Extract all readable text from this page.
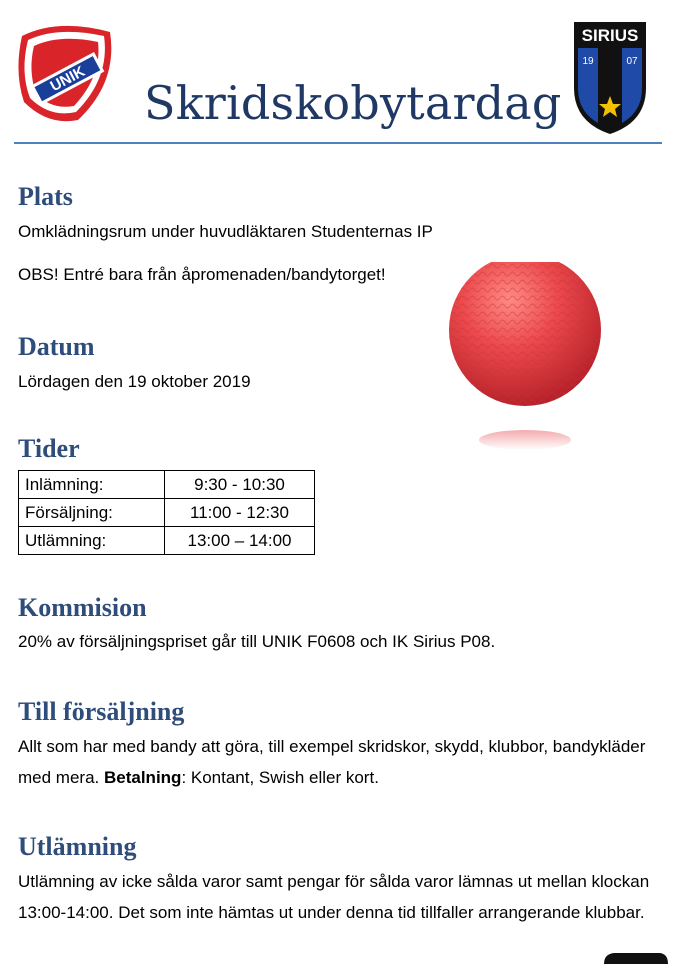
UNIK
SIRIUS
19	07
Skridskobytardag
Plats

Omklädningsrum under huvudläktaren Studenternas IP

OBS! Entré bara från åpromenaden/bandytorget!

Datum

Lördagen den 19 oktober 2019

Tider
Inlämning:	9:30 - 10:30
Försäljning:	11:00 - 12:30
Utlämning:	13:00 – 14:00
Kommision

20% av försäljningspriset går till UNIK F0608 och IK Sirius P08.

Till försäljning

Allt som har med bandy att göra, till exempel skridskor, skydd, klubbor, bandykläder med mera. Betalning: Kontant, Swish eller kort.

Utlämning

Utlämning av icke sålda varor samt pengar för sålda varor lämnas ut mellan klockan 13:00-14:00. Det som inte hämtas ut under denna tid tillfaller arrangerande klubbar.
